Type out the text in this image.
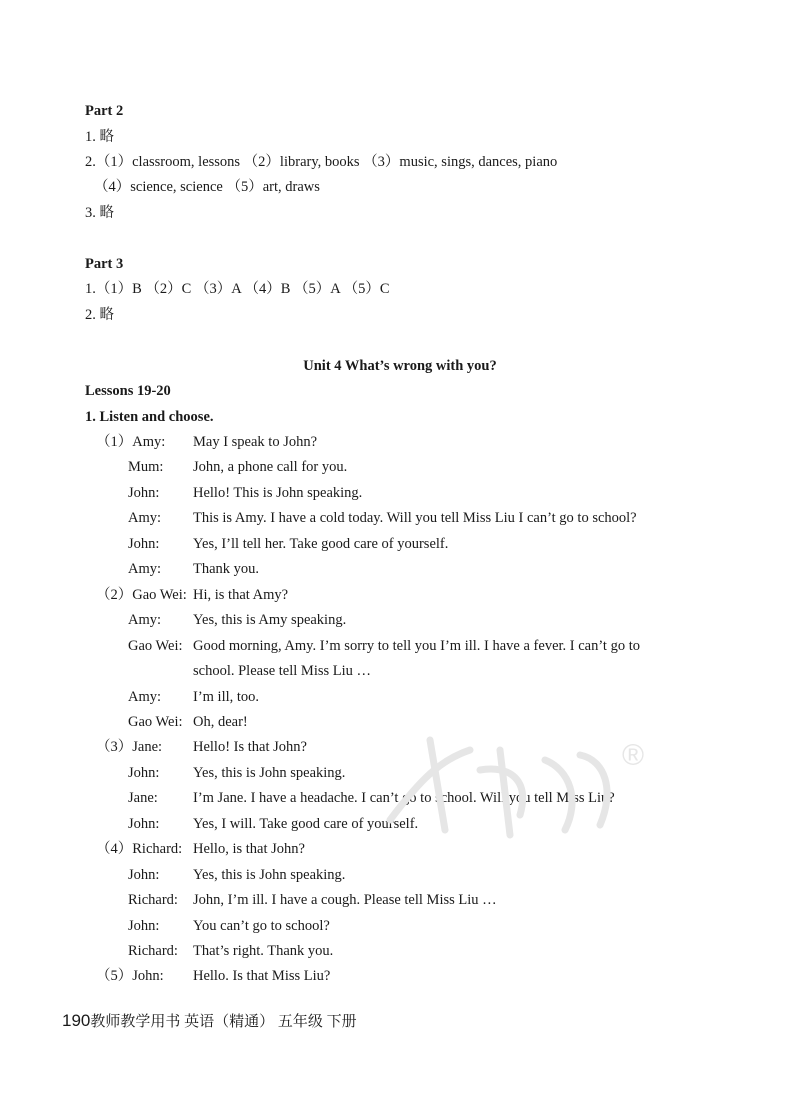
Part 2
1. 略
2.（1）classroom, lessons （2）library, books （3）music, sings, dances, piano
（4）science, science （5）art, draws
3. 略
Part 3
1.（1）B （2）C （3）A （4）B （5）A （5）C
2. 略
Unit 4 What’s wrong with you?
Lessons 19-20
1. Listen and choose.
（1）Amy: May I speak to John?
Mum: John, a phone call for you.
John: Hello! This is John speaking.
Amy: This is Amy. I have a cold today. Will you tell Miss Liu I can’t go to school?
John: Yes, I’ll tell her. Take good care of yourself.
Amy: Thank you.
（2）Gao Wei: Hi, is that Amy?
Amy: Yes, this is Amy speaking.
Gao Wei: Good morning, Amy. I’m sorry to tell you I’m ill. I have a fever. I can’t go to
school. Please tell Miss Liu …
Amy: I’m ill, too.
Gao Wei: Oh, dear!
（3）Jane: Hello! Is that John?
John: Yes, this is John speaking.
Jane: I’m Jane. I have a headache. I can’t go to school. Will you tell Miss Liu?
John: Yes, I will. Take good care of yourself.
（4）Richard: Hello, is that John?
John: Yes, this is John speaking.
Richard: John, I’m ill. I have a cough. Please tell Miss Liu …
John: You can’t go to school?
Richard: That’s right. Thank you.
（5）John: Hello. Is that Miss Liu?
®
190教师教学用书 英语（精通） 五年级 下册
